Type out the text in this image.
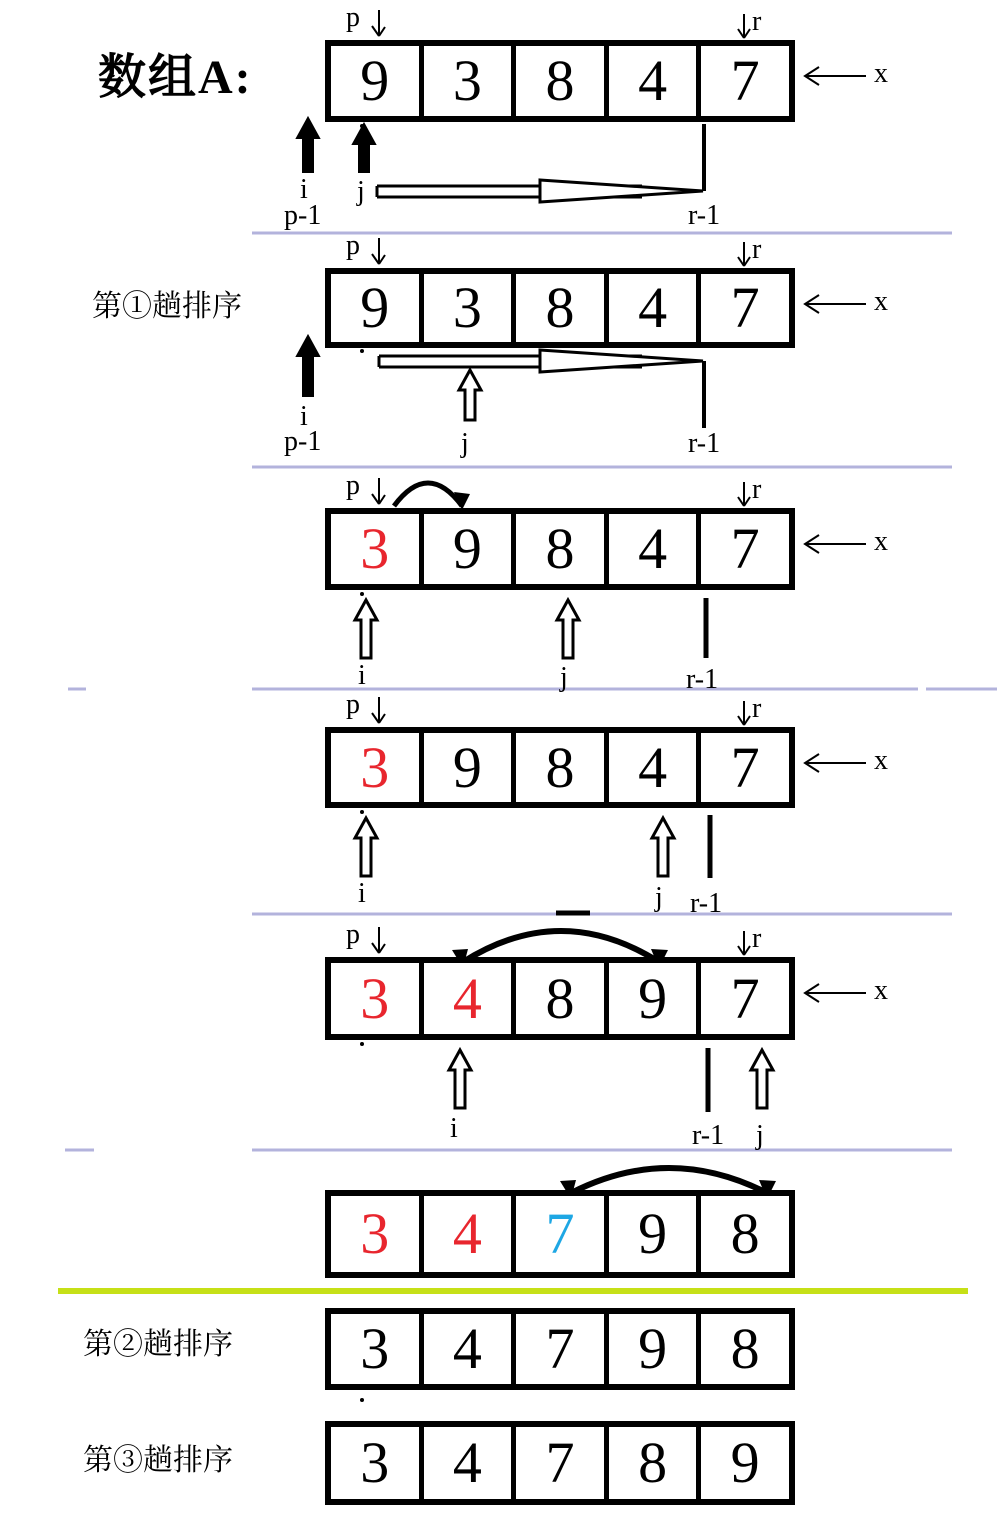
数组A:
第①趟排序
第②趟排序
第③趟排序
p	r
x
i j
p-1	r-1
p	r
x
i
p-1	j	r-1
p	r
x
i	j	r-1
p	r
x
i	j r-1
p	r
x
i	r-1 j
9 3 8 4 7
9 3 8 4 7
3 9 8 4 7
3 9 8 4 7
3 4 8 9 7
3 4 7 9 8
3 4 7 9 8
3 4 7 8 9
